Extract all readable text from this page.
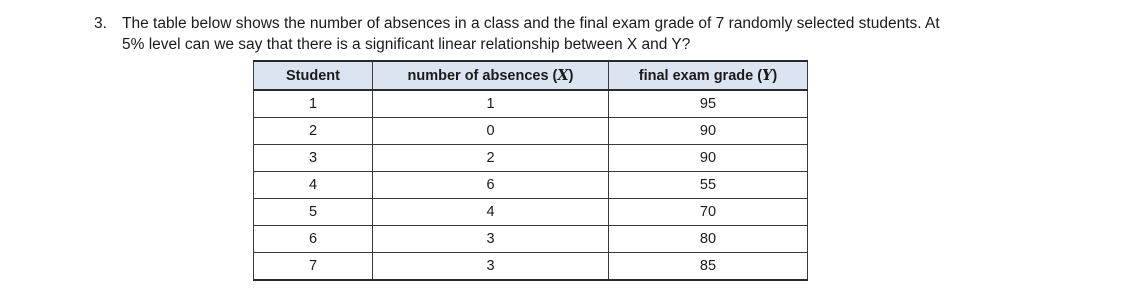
3. The table below shows the number of absences in a class and the final exam grade of 7 randomly selected students. At
5% level can we say that there is a significant linear relationship between X and Y?
Student	number of absences (X)	final exam grade (Y)
1	1	95
2	0	90
3	2	90
4	6	55
5	4	70
6	3	80
7	3	85
